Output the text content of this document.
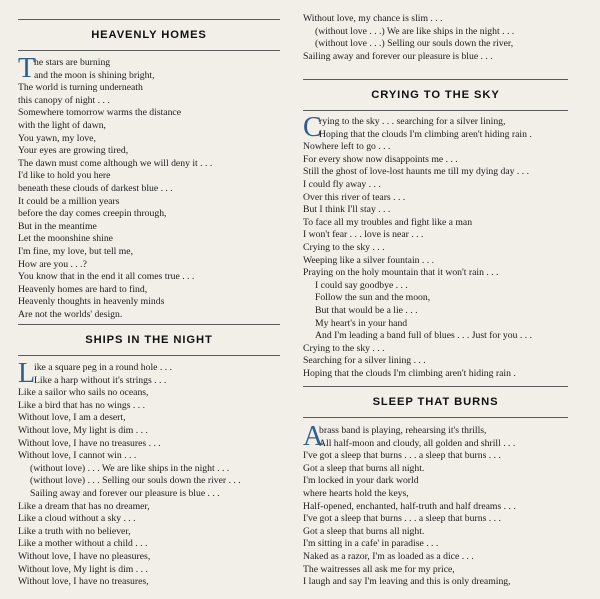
HEAVENLY HOMES
T
he stars are burning
and the moon is shining bright,
The world is turning underneath
this canopy of night . . .
Somewhere tomorrow warms the distance
with the light of dawn,
You yawn, my love,
Your eyes are growing tired,
The dawn must come although we will deny it . . .
I'd like to hold you here
beneath these clouds of darkest blue . . .
It could be a million years
before the day comes creepin through,
But in the meantime
Let the moonshine shine
I'm fine, my love, but tell me,
How are you . . .?
You know that in the end it all comes true . . .
Heavenly homes are hard to find,
Heavenly thoughts in heavenly minds
Are not the worlds' design.
SHIPS IN THE NIGHT
L
ike a square peg in a round hole . . .
Like a harp without it's strings . . .
Like a sailor who sails no oceans,
Like a bird that has no wings . . .
Without love, I am a desert,
Without love, My light is dim . . .
Without love, I have no treasures . . .
Without love, I cannot win . . .
(without love) . . . We are like ships in the night . . .
(without love) . . . Selling our souls down the river . . .
Sailing away and forever our pleasure is blue . . .
Like a dream that has no dreamer,
Like a cloud without a sky . . .
Like a truth with no believer,
Like a mother without a child . . .
Without love, I have no pleasures,
Without love, My light is dim . . .
Without love, I have no treasures,
Without love, my chance is slim . . .
(without love . . .) We are like ships in the night . . .
(without love . . .) Selling our souls down the river,
Sailing away and forever our pleasure is blue . . .
CRYING TO THE SKY
C
rying to the sky . . . searching for a silver lining,
Hoping that the clouds I'm climbing aren't hiding rain .
Nowhere left to go . . .
For every show now disappoints me . . .
Still the ghost of love-lost haunts me till my dying day . . .
I could fly away . . .
Over this river of tears . . .
But I think I'll stay . . .
To face all my troubles and fight like a man
I won't fear . . . love is near . . .
Crying to the sky . . .
Weeping like a silver fountain . . .
Praying on the holy mountain that it won't rain . . .
I could say goodbye . . .
Follow the sun and the moon,
But that would be a lie . . .
My heart's in your hand
And I'm leading a band full of blues . . . Just for you . . .
Crying to the sky . . .
Searching for a silver lining . . .
Hoping that the clouds I'm climbing aren't hiding rain .
SLEEP THAT BURNS
A
brass band is playing, rehearsing it's thrills,
All half-moon and cloudy, all golden and shrill . . .
I've got a sleep that burns . . . a sleep that burns . . .
Got a sleep that burns all night.
I'm locked in your dark world
where hearts hold the keys,
Half-opened, enchanted, half-truth and half dreams . . .
I've got a sleep that burns . . . a sleep that burns . . .
Got a sleep that burns all night.
I'm sitting in a cafe' in paradise . . .
Naked as a razor, I'm as loaded as a dice . . .
The waitresses all ask me for my price,
I laugh and say I'm leaving and this is only dreaming,
